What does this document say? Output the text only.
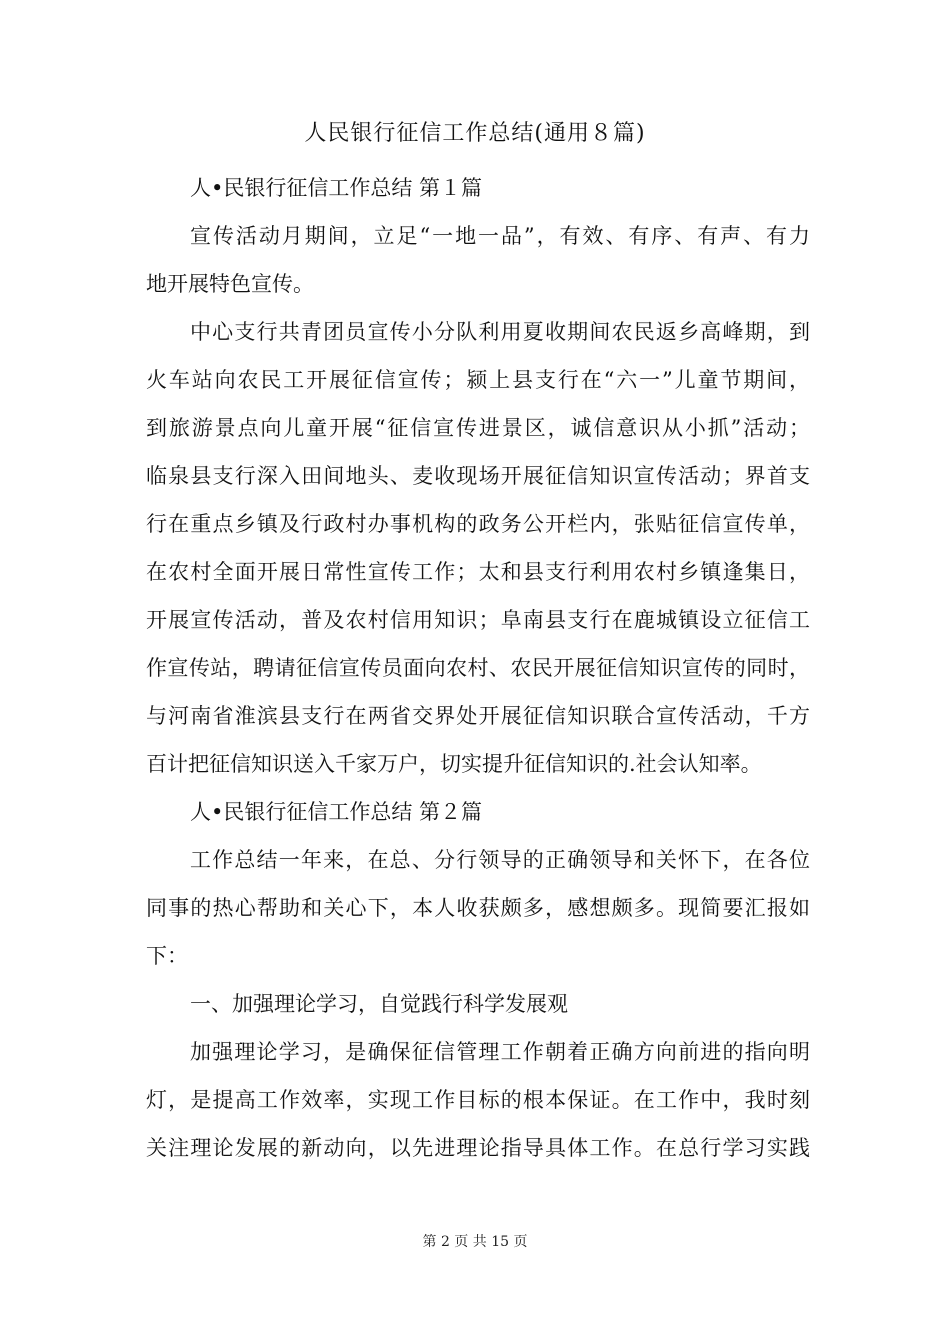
人民银行征信工作总结(通用８篇)
人•民银行征信工作总结 第１篇
宣传活动月期间，立足“一地一品”，有效、有序、有声、有力
地开展特色宣传。
中心支行共青团员宣传小分队利用夏收期间农民返乡高峰期，到
火车站向农民工开展征信宣传；颍上县支行在“六一”儿童节期间，
到旅游景点向儿童开展“征信宣传进景区，诚信意识从小抓”活动；
临泉县支行深入田间地头、麦收现场开展征信知识宣传活动；界首支
行在重点乡镇及行政村办事机构的政务公开栏内，张贴征信宣传单，
在农村全面开展日常性宣传工作；太和县支行利用农村乡镇逢集日，
开展宣传活动，普及农村信用知识；阜南县支行在鹿城镇设立征信工
作宣传站，聘请征信宣传员面向农村、农民开展征信知识宣传的同时，
与河南省淮滨县支行在两省交界处开展征信知识联合宣传活动，千方
百计把征信知识送入千家万户，切实提升征信知识的.社会认知率。
人•民银行征信工作总结 第２篇
工作总结一年来，在总、分行领导的正确领导和关怀下，在各位
同事的热心帮助和关心下，本人收获颇多，感想颇多。现简要汇报如
下：
一、加强理论学习，自觉践行科学发展观
加强理论学习，是确保征信管理工作朝着正确方向前进的指向明
灯，是提高工作效率，实现工作目标的根本保证。在工作中，我时刻
关注理论发展的新动向，以先进理论指导具体工作。在总行学习实践
第 2 页 共 15 页
